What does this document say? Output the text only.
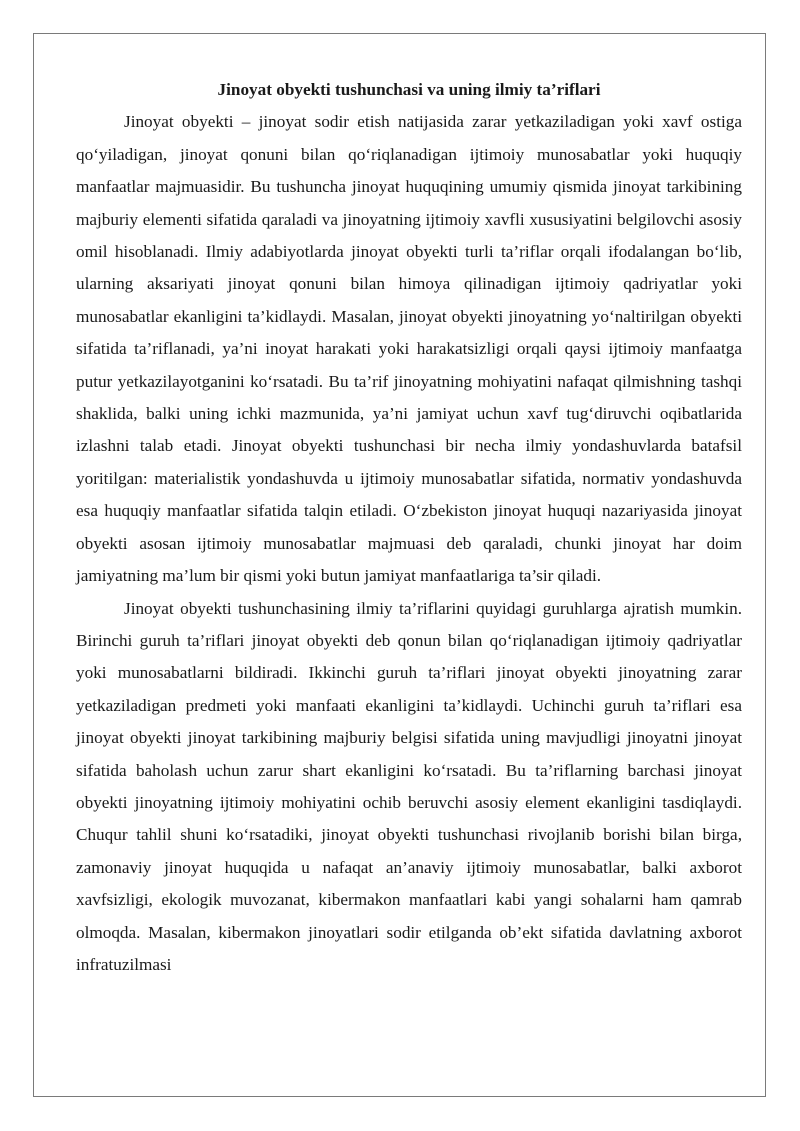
Jinoyat obyekti tushunchasi va uning ilmiy ta’riflari

Jinoyat obyekti – jinoyat sodir etish natijasida zarar yetkaziladigan yoki xavf ostiga qo‘yiladigan, jinoyat qonuni bilan qo‘riqlanadigan ijtimoiy munosabatlar yoki huquqiy manfaatlar majmuasidir. Bu tushuncha jinoyat huquqining umumiy qismida jinoyat tarkibining majburiy elementi sifatida qaraladi va jinoyatning ijtimoiy xavfli xususiyatini belgilovchi asosiy omil hisoblanadi. Ilmiy adabiyotlarda jinoyat obyekti turli ta’riflar orqali ifodalangan bo‘lib, ularning aksariyati jinoyat qonuni bilan himoya qilinadigan ijtimoiy qadriyatlar yoki munosabatlar ekanligini ta’kidlaydi. Masalan, jinoyat obyekti jinoyatning yo‘naltirilgan obyekti sifatida ta’riflanadi, ya’ni inoyat harakati yoki harakatsizligi orqali qaysi ijtimoiy manfaatga putur yetkazilayotganini ko‘rsatadi. Bu ta’rif jinoyatning mohiyatini nafaqat qilmishning tashqi shaklida, balki uning ichki mazmunida, ya’ni jamiyat uchun xavf tug‘diruvchi oqibatlarida izlashni talab etadi. Jinoyat obyekti tushunchasi bir necha ilmiy yondashuvlarda batafsil yoritilgan: materialistik yondashuvda u ijtimoiy munosabatlar sifatida, normativ yondashuvda esa huquqiy manfaatlar sifatida talqin etiladi. O‘zbekiston jinoyat huquqi nazariyasida jinoyat obyekti asosan ijtimoiy munosabatlar majmuasi deb qaraladi, chunki jinoyat har doim jamiyatning ma’lum bir qismi yoki butun jamiyat manfaatlariga ta’sir qiladi.

Jinoyat obyekti tushunchasining ilmiy ta’riflarini quyidagi guruhlarga ajratish mumkin. Birinchi guruh ta’riflari jinoyat obyekti deb qonun bilan qo‘riqlanadigan ijtimoiy qadriyatlar yoki munosabatlarni bildiradi. Ikkinchi guruh ta’riflari jinoyat obyekti jinoyatning zarar yetkaziladigan predmeti yoki manfaati ekanligini ta’kidlaydi. Uchinchi guruh ta’riflari esa jinoyat obyekti jinoyat tarkibining majburiy belgisi sifatida uning mavjudligi jinoyatni jinoyat sifatida baholash uchun zarur shart ekanligini ko‘rsatadi. Bu ta’riflarning barchasi jinoyat obyekti jinoyatning ijtimoiy mohiyatini ochib beruvchi asosiy element ekanligini tasdiqlaydi. Chuqur tahlil shuni ko‘rsatadiki, jinoyat obyekti tushunchasi rivojlanib borishi bilan birga, zamonaviy jinoyat huquqida u nafaqat an’anaviy ijtimoiy munosabatlar, balki axborot xavfsizligi, ekologik muvozanat, kibermakon manfaatlari kabi yangi sohalarni ham qamrab olmoqda. Masalan, kibermakon jinoyatlari sodir etilganda ob’ekt sifatida davlatning axborot infratuzilmasi
